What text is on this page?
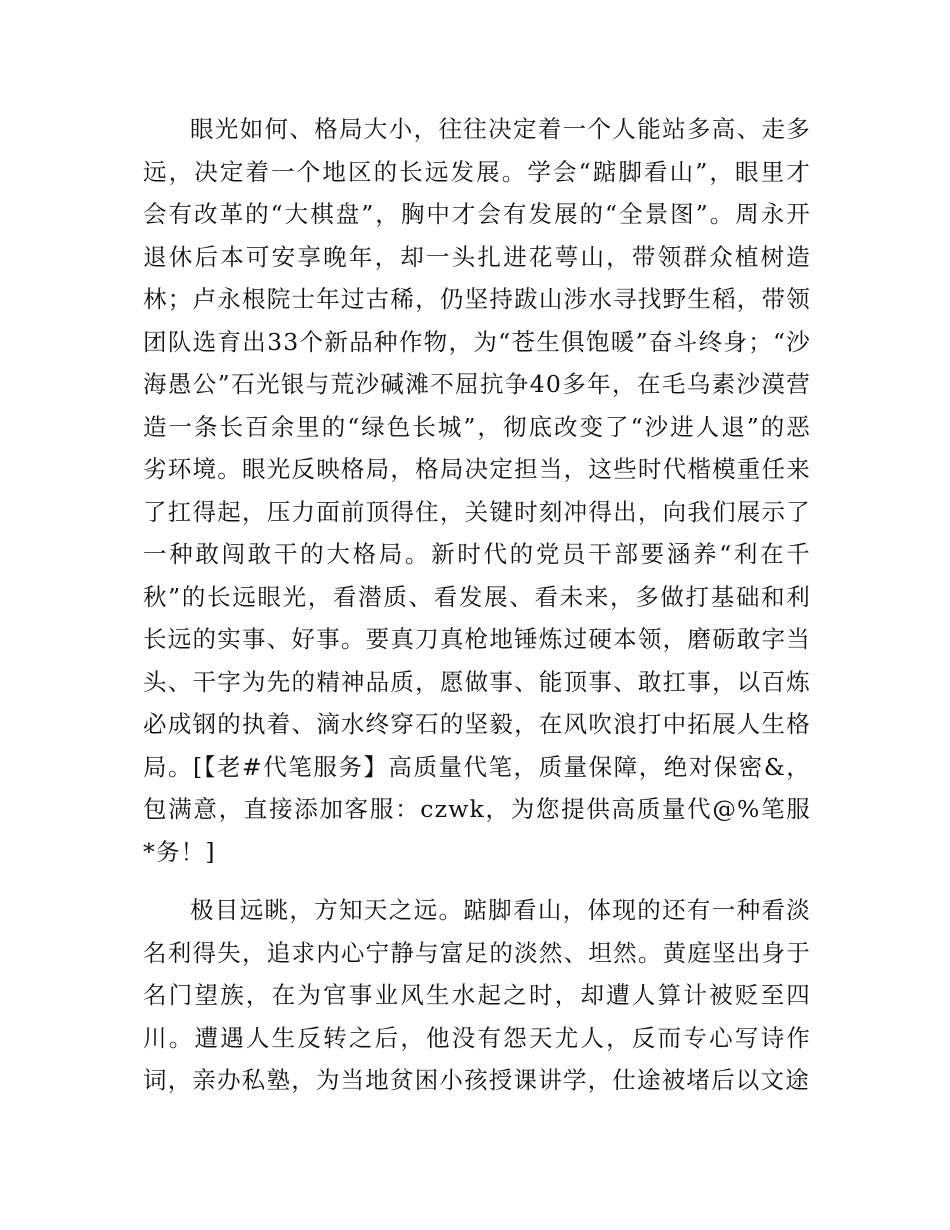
眼光如何、格局大小，往往决定着一个人能站多高、走多远，决定着一个地区的长远发展。学会“踮脚看山”，眼里才会有改革的“大棋盘”，胸中才会有发展的“全景图”。周永开退休后本可安享晚年，却一头扎进花萼山，带领群众植树造林；卢永根院士年过古稀，仍坚持跋山涉水寻找野生稻，带领团队选育出33个新品种作物，为“苍生俱饱暖”奋斗终身；“沙海愚公”石光银与荒沙碱滩不屈抗争40多年，在毛乌素沙漠营造一条长百余里的“绿色长城”，彻底改变了“沙进人退”的恶劣环境。眼光反映格局，格局决定担当，这些时代楷模重任来了扛得起，压力面前顶得住，关键时刻冲得出，向我们展示了一种敢闯敢干的大格局。新时代的党员干部要涵养“利在千秋”的长远眼光，看潜质、看发展、看未来，多做打基础和利长远的实事、好事。要真刀真枪地锤炼过硬本领，磨砺敢字当头、干字为先的精神品质，愿做事、能顶事、敢扛事，以百炼必成钢的执着、滴水终穿石的坚毅，在风吹浪打中拓展人生格局。[【老#代笔服务】高质量代笔，质量保障，绝对保密&，包满意，直接添加客服：czwk，为您提供高质量代@%笔服*务！]

极目远眺，方知天之远。踮脚看山，体现的还有一种看淡名利得失，追求内心宁静与富足的淡然、坦然。黄庭坚出身于名门望族，在为官事业风生水起之时，却遭人算计被贬至四川。遭遇人生反转之后，他没有怨天尤人，反而专心写诗作词，亲办私塾，为当地贫困小孩授课讲学，仕途被堵后以文途
